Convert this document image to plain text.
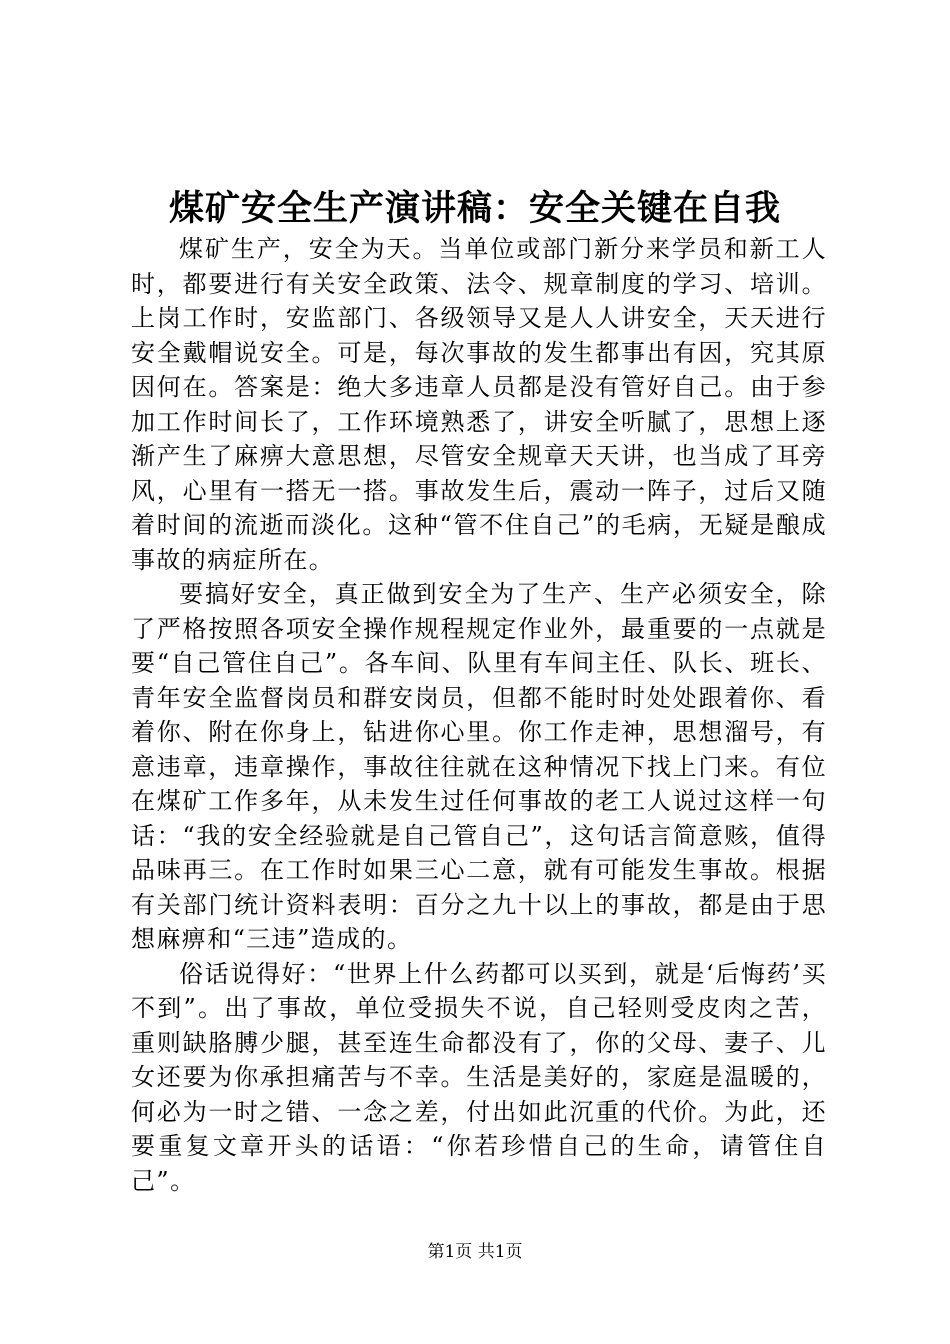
煤矿安全生产演讲稿：安全关键在自我

煤矿生产，安全为天。当单位或部门新分来学员和新工人时，都要进行有关安全政策、法令、规章制度的学习、培训。上岗工作时，安监部门、各级领导又是人人讲安全，天天进行安全戴帽说安全。可是，每次事故的发生都事出有因，究其原因何在。答案是：绝大多违章人员都是没有管好自己。由于参加工作时间长了，工作环境熟悉了，讲安全听腻了，思想上逐渐产生了麻痹大意思想，尽管安全规章天天讲，也当成了耳旁风，心里有一搭无一搭。事故发生后，震动一阵子，过后又随着时间的流逝而淡化。这种“管不住自己”的毛病，无疑是酿成事故的病症所在。

要搞好安全，真正做到安全为了生产、生产必须安全，除了严格按照各项安全操作规程规定作业外，最重要的一点就是要“自己管住自己”。各车间、队里有车间主任、队长、班长、青年安全监督岗员和群安岗员，但都不能时时处处跟着你、看着你、附在你身上，钻进你心里。你工作走神，思想溜号，有意违章，违章操作，事故往往就在这种情况下找上门来。有位在煤矿工作多年，从未发生过任何事故的老工人说过这样一句话：“我的安全经验就是自己管自己”，这句话言简意赅，值得品味再三。在工作时如果三心二意，就有可能发生事故。根据有关部门统计资料表明：百分之九十以上的事故，都是由于思想麻痹和“三违”造成的。

俗话说得好：“世界上什么药都可以买到，就是‘后悔药’买不到”。出了事故，单位受损失不说，自己轻则受皮肉之苦，重则缺胳膊少腿，甚至连生命都没有了，你的父母、妻子、儿女还要为你承担痛苦与不幸。生活是美好的，家庭是温暖的，何必为一时之错、一念之差，付出如此沉重的代价。为此，还要重复文章开头的话语：“你若珍惜自己的生命，请管住自己”。

第1页 共1页
